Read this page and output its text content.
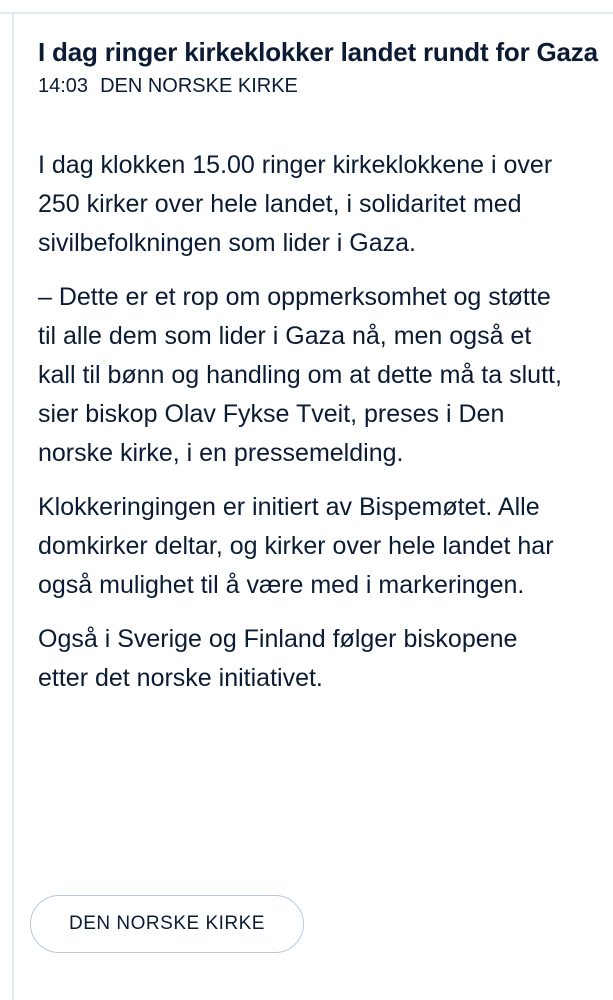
I dag ringer kirkeklokker landet rundt for Gaza
14:03 DEN NORSKE KIRKE

I dag klokken 15.00 ringer kirkeklokkene i over 250 kirker over hele landet, i solidaritet med sivilbefolkningen som lider i Gaza.

– Dette er et rop om oppmerksomhet og støtte til alle dem som lider i Gaza nå, men også et kall til bønn og handling om at dette må ta slutt, sier biskop Olav Fykse Tveit, preses i Den norske kirke, i en pressemelding.

Klokkeringingen er initiert av Bispemøtet. Alle domkirker deltar, og kirker over hele landet har også mulighet til å være med i markeringen.

Også i Sverige og Finland følger biskopene etter det norske initiativet.

DEN NORSKE KIRKE
